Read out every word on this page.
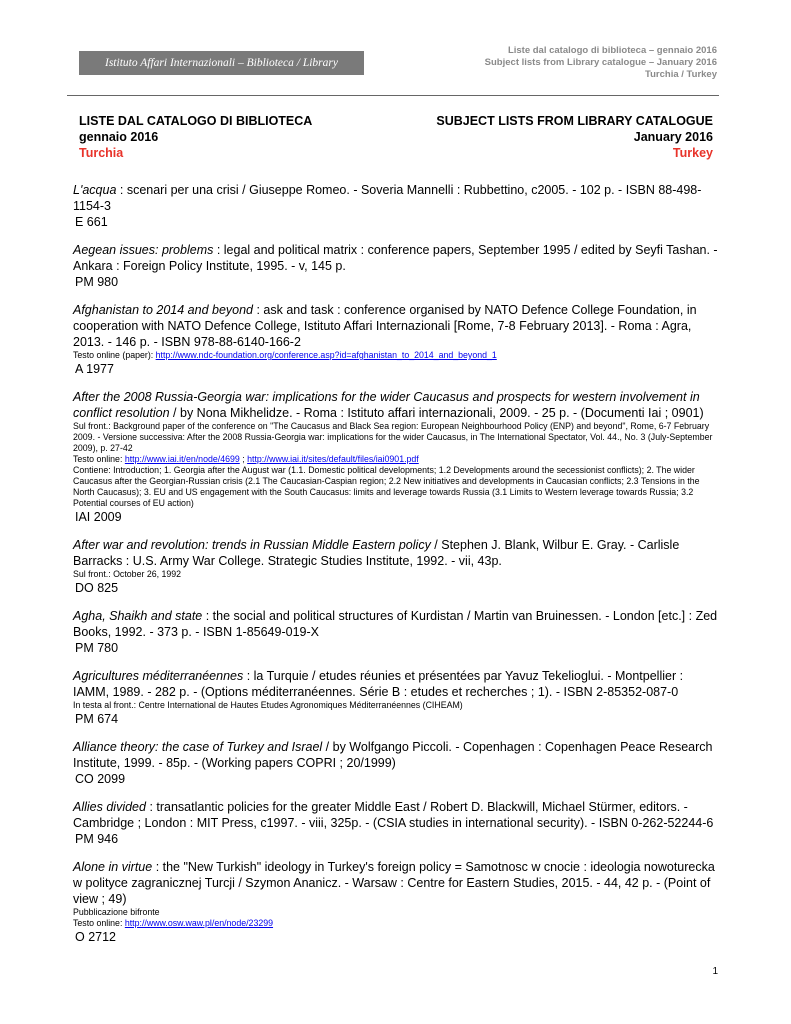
Istituto Affari Internazionali – Biblioteca / Library
Liste dal catalogo di biblioteca – gennaio 2016
Subject lists from Library catalogue – January 2016
Turchia / Turkey
LISTE DAL CATALOGO DI BIBLIOTECA
gennaio 2016
Turchia
SUBJECT LISTS FROM LIBRARY CATALOGUE
January 2016
Turkey
L'acqua : scenari per una crisi / Giuseppe Romeo. - Soveria Mannelli : Rubbettino, c2005. - 102 p. - ISBN 88-498-1154-3
E 661
Aegean issues: problems : legal and political matrix : conference papers, September 1995 / edited by Seyfi Tashan. - Ankara : Foreign Policy Institute, 1995. - v, 145 p.
PM 980
Afghanistan to 2014 and beyond : ask and task : conference organised by NATO Defence College Foundation, in cooperation with NATO Defence College, Istituto Affari Internazionali [Rome, 7-8 February 2013]. - Roma : Agra, 2013. - 146 p. - ISBN 978-88-6140-166-2
Testo online (paper): http://www.ndc-foundation.org/conference.asp?id=afghanistan_to_2014_and_beyond_1
A 1977
After the 2008 Russia-Georgia war: implications for the wider Caucasus and prospects for western involvement in conflict resolution / by Nona Mikhelidze. - Roma : Istituto affari internazionali, 2009. - 25 p. - (Documenti Iai ; 0901)
Sul front.: Background paper of the conference on "The Caucasus and Black Sea region: European Neighbourhood Policy (ENP) and beyond", Rome, 6-7 February 2009. - Versione successiva: After the 2008 Russia-Georgia war: implications for the wider Caucasus, in The International Spectator, Vol. 44., No. 3 (July-September 2009), p. 27-42
Testo online: http://www.iai.it/en/node/4699 ; http://www.iai.it/sites/default/files/iai0901.pdf
Contiene: Introduction; 1. Georgia after the August war (1.1. Domestic political developments; 1.2 Developments around the secessionist conflicts); 2. The wider Caucasus after the Georgian-Russian crisis (2.1 The Caucasian-Caspian region; 2.2 New initiatives and developments in Caucasian conflicts; 2.3 Tensions in the North Caucasus); 3. EU and US engagement with the South Caucasus: limits and leverage towards Russia (3.1 Limits to Western leverage towards Russia; 3.2 Potential courses of EU action)
IAI 2009
After war and revolution: trends in Russian Middle Eastern policy / Stephen J. Blank, Wilbur E. Gray. - Carlisle Barracks : U.S. Army War College. Strategic Studies Institute, 1992. - vii, 43p.
Sul front.: October 26, 1992
DO 825
Agha, Shaikh and state : the social and political structures of Kurdistan / Martin van Bruinessen. - London [etc.] : Zed Books, 1992. - 373 p. - ISBN 1-85649-019-X
PM 780
Agricultures méditerranéennes : la Turquie / etudes réunies et présentées par Yavuz Tekelioglui. - Montpellier : IAMM, 1989. - 282 p. - (Options méditerranéennes. Série B : etudes et recherches ; 1). - ISBN 2-85352-087-0
In testa al front.: Centre International de Hautes Etudes Agronomiques Méditerranéennes (CIHEAM)
PM 674
Alliance theory: the case of Turkey and Israel / by Wolfgango Piccoli. - Copenhagen : Copenhagen Peace Research Institute, 1999. - 85p. - (Working papers COPRI ; 20/1999)
CO 2099
Allies divided : transatlantic policies for the greater Middle East / Robert D. Blackwill, Michael Stürmer, editors. - Cambridge ; London : MIT Press, c1997. - viii, 325p. - (CSIA studies in international security). - ISBN 0-262-52244-6
PM 946
Alone in virtue : the "New Turkish" ideology in Turkey's foreign policy = Samotnosc w cnocie : ideologia nowoturecka w polityce zagranicznej Turcji / Szymon Ananicz. - Warsaw : Centre for Eastern Studies, 2015. - 44, 42 p. - (Point of view ; 49)
Pubblicazione bifronte
Testo online: http://www.osw.waw.pl/en/node/23299
O 2712
1
